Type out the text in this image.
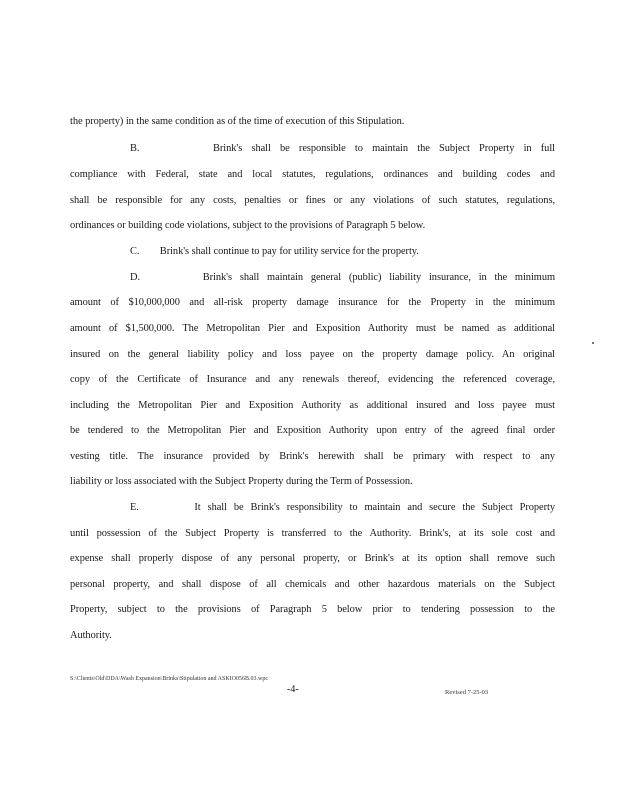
the property) in the same condition as of the time of execution of this Stipulation.
B.        Brink's shall be responsible to maintain the Subject Property in full
compliance with Federal, state and local statutes, regulations, ordinances and building codes and
shall be responsible for any costs, penalties or fines or any violations of such statutes, regulations,
ordinances or building code violations, subject to the provisions of Paragraph 5 below.
C.        Brink's shall continue to pay for utility service for the property.
D.        Brink's shall maintain general (public) liability insurance, in the minimum
amount of $10,000,000 and all-risk property damage insurance for the Property in the minimum
amount of $1,500,000. The Metropolitan Pier and Exposition Authority must be named as additional
insured on the general liability policy and loss payee on the property damage policy. An original
copy of the Certificate of Insurance and any renewals thereof, evidencing the referenced coverage,
including the Metropolitan Pier and Exposition Authority as additional insured and loss payee must
be tendered to the Metropolitan Pier and Exposition Authority upon entry of the agreed final order
vesting title. The insurance provided by Brink's herewith shall be primary with respect to any
liability or loss associated with the Subject Property during the Term of Possession.
E.        It shall be Brink's responsibility to maintain and secure the Subject Property
until possession of the Subject Property is transferred to the Authority. Brink's, at its sole cost and
expense shall properly dispose of any personal property, or Brink's at its option shall remove such
personal property, and shall dispose of all chemicals and other hazardous materials on the Subject
Property, subject to the provisions of Paragraph 5 below prior to tendering possession to the
Authority.
S:\Clients\Old\DDA\Wash Expansion\Brinks\Stipulation and ASKIO056B.03.wpc
-4-	Revised 7-25-03
